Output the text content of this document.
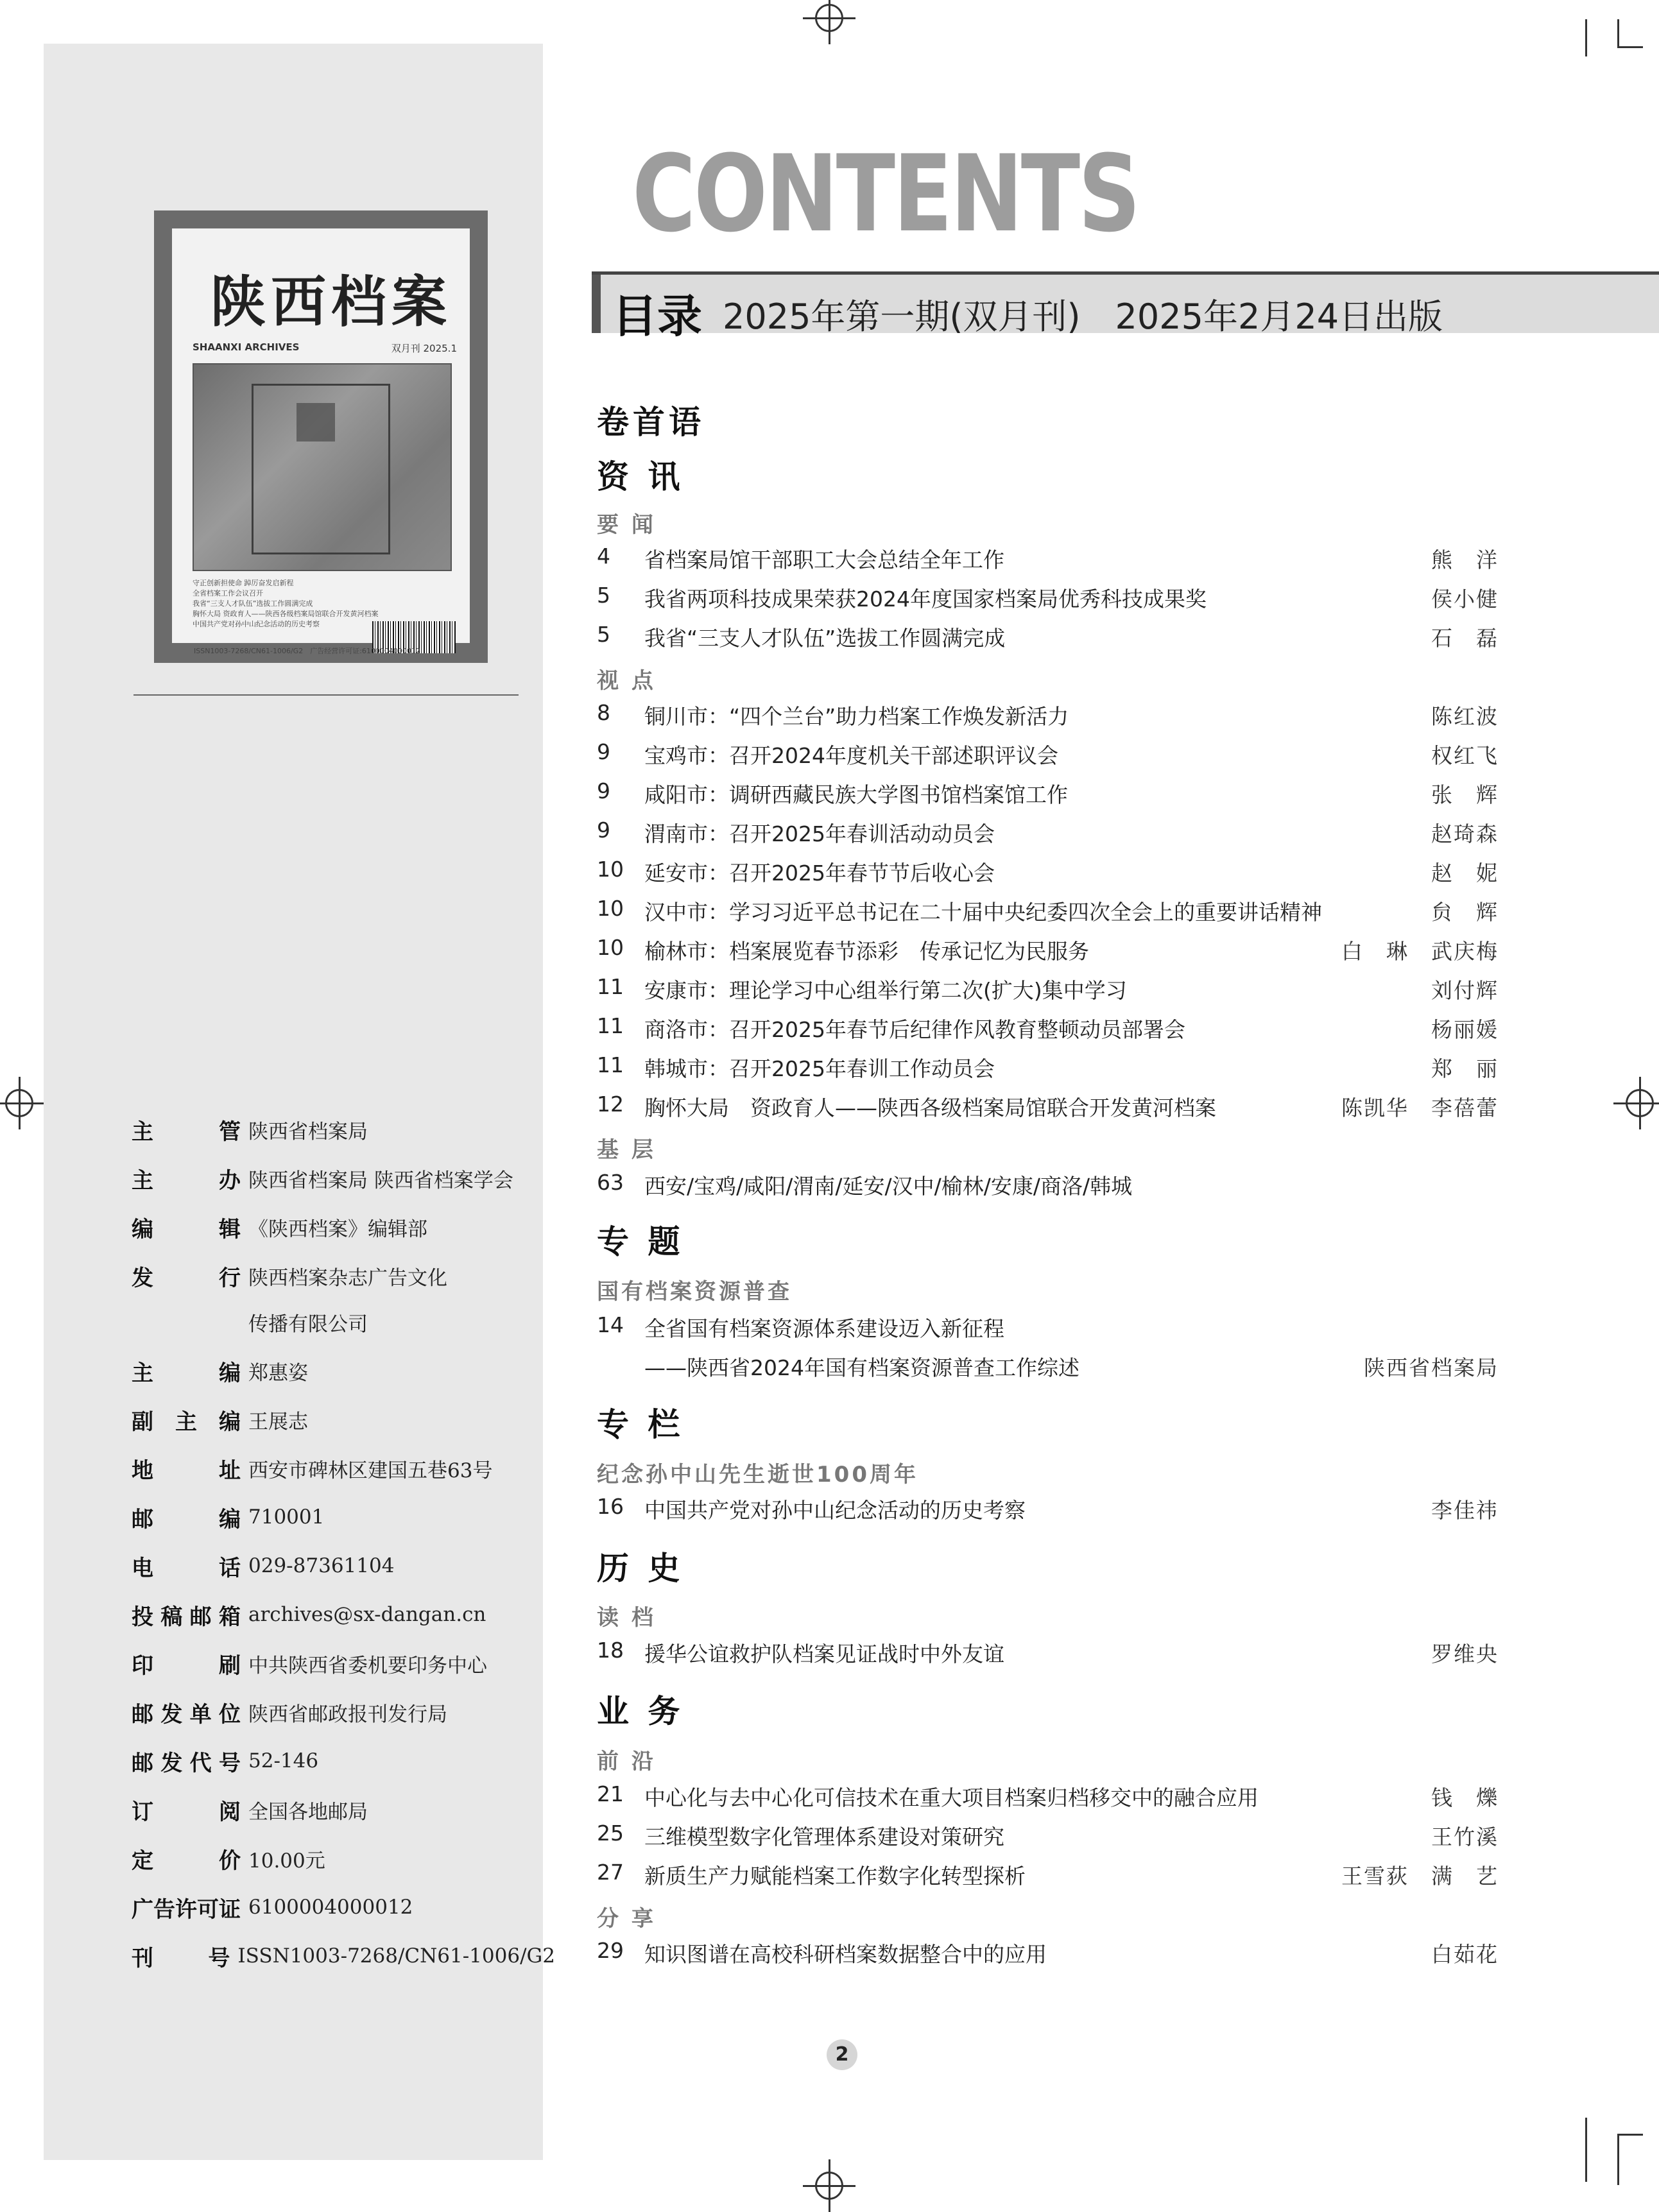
陕西档案
SHAANXI ARCHIVES	双月刊 2025.1
守正创新担使命 踔厉奋发启新程
全省档案工作会议召开
我省“三支人才队伍”选拔工作圆满完成
胸怀大局 资政育人——陕西各级档案局馆联合开发黄河档案
中国共产党对孙中山纪念活动的历史考察
ISSN1003-7268/CN61-1006/G2　广告经营许可证:6100004000012
主　管 陕西省档案局
主　办 陕西省档案局 陕西省档案学会
编　辑 《陕西档案》编辑部
发　行 陕西档案杂志广告文化
传播有限公司
主　编 郑惠姿
副主编 王展志
地　址 西安市碑林区建国五巷63号
邮　编 710001
电　话 029-87361104
投稿邮箱 archives@sx-dangan.cn
印　刷 中共陕西省委机要印务中心
邮发单位 陕西省邮政报刊发行局
邮发代号 52-146
订　阅 全国各地邮局
定　价 10.00元
广告许可证 6100004000012
刊　号 ISSN1003-7268/CN61-1006/G2
CONTENTS
目录 2025年第一期(双月刊)　2025年2月24日出版
卷首语
资 讯
要 闻
4 省档案局馆干部职工大会总结全年工作	熊　洋
5 我省两项科技成果荣获2024年度国家档案局优秀科技成果奖	侯小健
5 我省“三支人才队伍”选拔工作圆满完成	石　磊
视 点
8 铜川市：“四个兰台”助力档案工作焕发新活力	陈红波
9 宝鸡市：召开2024年度机关干部述职评议会	权红飞
9 咸阳市：调研西藏民族大学图书馆档案馆工作	张　辉
9 渭南市：召开2025年春训活动动员会	赵琦森
10 延安市：召开2025年春节节后收心会	赵　妮
10 汉中市：学习习近平总书记在二十届中央纪委四次全会上的重要讲话精神	贠　辉
10 榆林市：档案展览春节添彩　传承记忆为民服务	白　琳　武庆梅
11 安康市：理论学习中心组举行第二次(扩大)集中学习	刘付辉
11 商洛市：召开2025年春节后纪律作风教育整顿动员部署会	杨丽媛
11 韩城市：召开2025年春训工作动员会	郑　丽
12 胸怀大局　资政育人——陕西各级档案局馆联合开发黄河档案	陈凯华　李蓓蕾
基 层
63 西安/宝鸡/咸阳/渭南/延安/汉中/榆林/安康/商洛/韩城
专 题
国有档案资源普查
14 全省国有档案资源体系建设迈入新征程
——陕西省2024年国有档案资源普查工作综述	陕西省档案局
专 栏
纪念孙中山先生逝世100周年
16 中国共产党对孙中山纪念活动的历史考察	李佳祎
历 史
读 档
18 援华公谊救护队档案见证战时中外友谊	罗维央
业 务
前 沿
21 中心化与去中心化可信技术在重大项目档案归档移交中的融合应用	钱　爍
25 三维模型数字化管理体系建设对策研究	王竹溪
27 新质生产力赋能档案工作数字化转型探析	王雪荻　满　艺
分 享
29 知识图谱在高校科研档案数据整合中的应用	白茹花
2
